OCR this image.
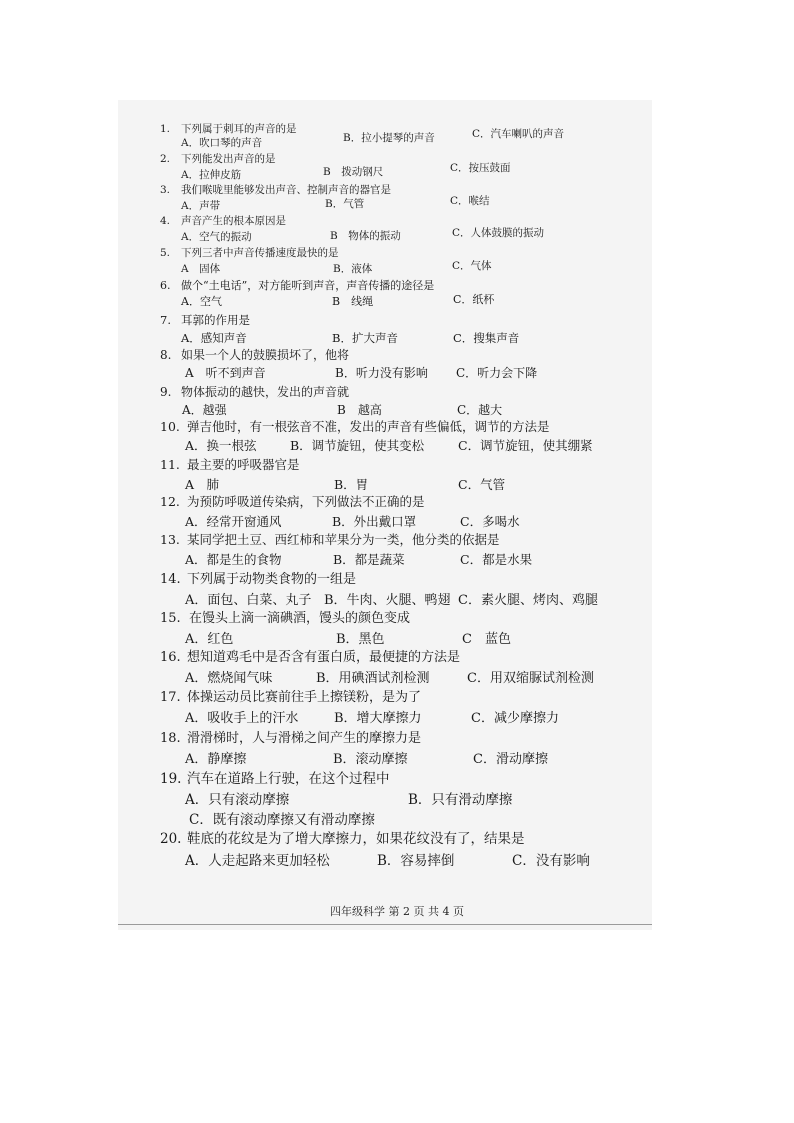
1. 下列属于刺耳的声音的是
A．吹口琴的声音	B．拉小提琴的声音	C．汽车喇叭的声音
2. 下列能发出声音的是
A．拉伸皮筋	B　拨动钢尺	C．按压鼓面
3. 我们喉咙里能够发出声音、控制声音的器官是
A．声带	B．气管	C．喉结
4. 声音产生的根本原因是
A．空气的振动	B　物体的振动	C．人体鼓膜的振动
5. 下列三者中声音传播速度最快的是
A　固体	B．液体	C．气体
6. 做个“土电话”，对方能听到声音，声音传播的途径是
A．空气	B　线绳	C．纸杯
7. 耳郭的作用是
A．感知声音	B．扩大声音	C．搜集声音
8. 如果一个人的鼓膜损坏了，他将
A　听不到声音	B．听力没有影响 C．听力会下降
9. 物体振动的越快，发出的声音就
A．越强	B　越高	C．越大
10. 弹吉他时，有一根弦音不准，发出的声音有些偏低，调节的方法是
A．换一根弦	B．调节旋钮，使其变松	C．调节旋钮，使其绷紧
11. 最主要的呼吸器官是
A　肺	B．胃	C．气管
12. 为预防呼吸道传染病，下列做法不正确的是
A．经常开窗通风	B．外出戴口罩	C．多喝水
13. 某同学把土豆、西红柿和苹果分为一类，他分类的依据是
A．都是生的食物	B．都是蔬菜	C．都是水果
14. 下列属于动物类食物的一组是
A．面包、白菜、丸子 B．牛肉、火腿、鸭翅 C．素火腿、烤肉、鸡腿
15. 在馒头上滴一滴碘酒，馒头的颜色变成
A．红色	B．黑色	C　蓝色
16. 想知道鸡毛中是否含有蛋白质，最便捷的方法是
A．燃烧闻气味	B．用碘酒试剂检测	C．用双缩脲试剂检测
17. 体操运动员比赛前往手上擦镁粉，是为了
A．吸收手上的汗水	B．增大摩擦力	C．减少摩擦力
18. 滑滑梯时，人与滑梯之间产生的摩擦力是
A．静摩擦	B．滚动摩擦	C．滑动摩擦
19. 汽车在道路上行驶，在这个过程中
A．只有滚动摩擦	B．只有滑动摩擦
C．既有滚动摩擦又有滑动摩擦
20. 鞋底的花纹是为了增大摩擦力，如果花纹没有了，结果是
A．人走起路来更加轻松	B．容易摔倒	C．没有影响
四年级科学 第 2 页 共 4 页
